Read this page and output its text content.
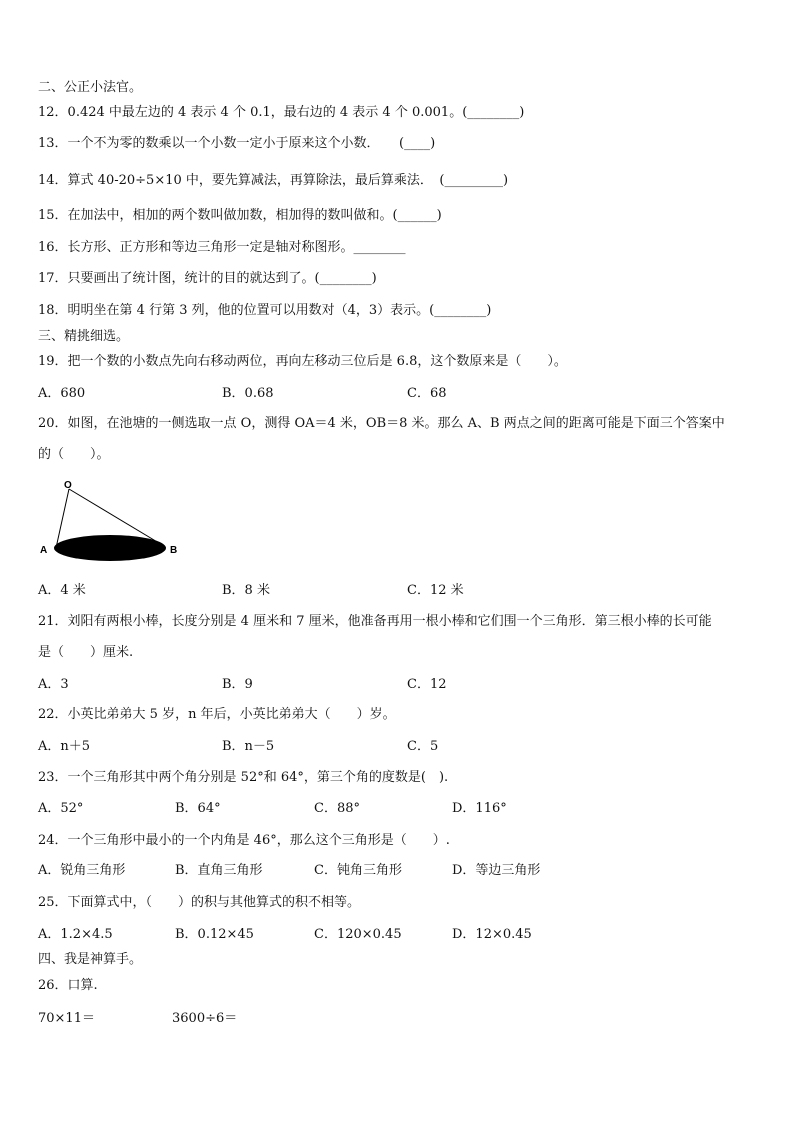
二、公正小法官。
12．0.424 中最左边的 4 表示 4 个 0.1，最右边的 4 表示 4 个 0.001。(________)
13．一个不为零的数乘以一个小数一定小于原来这个小数．　　(____)
14．算式 40-20÷5×10 中，要先算减法，再算除法，最后算乘法．　(_________)
15．在加法中，相加的两个数叫做加数，相加得的数叫做和。(______)
16．长方形、正方形和等边三角形一定是轴对称图形。________
17．只要画出了统计图，统计的目的就达到了。(________)
18．明明坐在第 4 行第 3 列，他的位置可以用数对（4，3）表示。(________)
三、精挑细选。
19．把一个数的小数点先向右移动两位，再向左移动三位后是 6.8，这个数原来是（　　）。
A．680	B．0.68	C．68
20．如图，在池塘的一侧选取一点 O，测得 OA＝4 米，OB＝8 米。那么 A、B 两点之间的距离可能是下面三个答案中
的（　　）。
O
A	B
A．4 米	B．8 米	C．12 米
21．刘阳有两根小棒，长度分别是 4 厘米和 7 厘米，他准备再用一根小棒和它们围一个三角形．第三根小棒的长可能
是（　　）厘米.
A．3	B．9	C．12
22．小英比弟弟大 5 岁，n 年后，小英比弟弟大（　　）岁。
A．n＋5	B．n－5	C．5
23．一个三角形其中两个角分别是 52°和 64°，第三个角的度数是(　).
A．52°	B．64°	C．88°	D．116°
24．一个三角形中最小的一个内角是 46°，那么这个三角形是（　　）.
A．锐角三角形	B．直角三角形	C．钝角三角形	D．等边三角形
25．下面算式中，（　　）的积与其他算式的积不相等。
A．1.2×4.5	B．0.12×45	C．120×0.45	D．12×0.45
四、我是神算手。
26．口算.
70×11＝	3600÷6＝
